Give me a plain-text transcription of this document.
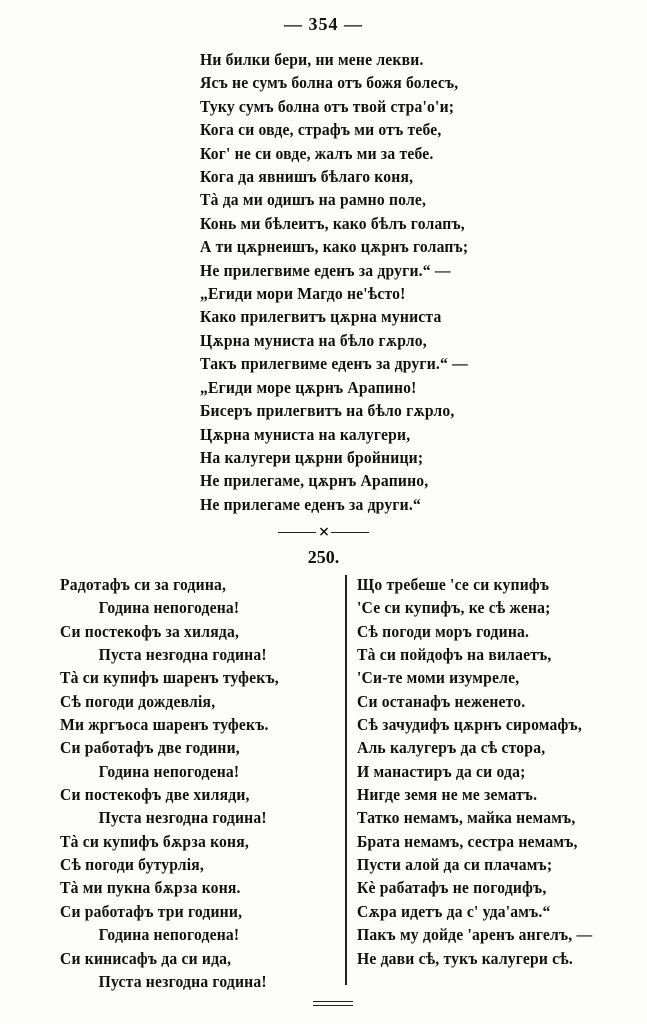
— 354 —
Ни билки бери, ни мене лекви.
Ясъ не сумъ болна отъ божя болесъ,
Туку сумъ болна отъ твой стра'о'и;
Кога си овде, страфъ ми отъ тебе,
Ког' не си овде, жалъ ми за тебе.
Кога да явнишъ бѣлаго коня,
Тà да ми одишъ на рамно поле,
Конь ми бѣлеитъ, како бѣлъ голапъ,
А ти цѫрнеишъ, како цѫрнъ голапъ;
Не прилегвиме еденъ за други.“ —
„Егиди мори Магдо не'ѣсто!
Како прилегвитъ цѫрна муниста
Цѫрна муниста на бѣло гѫрло,
Такъ прилегвиме еденъ за други.“ —
„Егиди море цѫрнъ Арапино!
Бисеръ прилегвитъ на бѣло гѫрло,
Цѫрна муниста на калугери,
На калугери цѫрни бройници;
Не прилегаме, цѫрнъ Арапино,
Не прилегаме еденъ за други.“
⨯
250.
Радотафъ си за година,
Година непогодена!
Си постекофъ за хиляда,
Пуста незгодна година!
Тà си купифъ шаренъ туфекъ,
Сѣ погоди дождевлія,
Ми жргъоса шаренъ туфекъ.
Си работафъ две години,
Година непогодена!
Си постекофъ две хиляди,
Пуста незгодна година!
Тà си купифъ бѫрза коня,
Сѣ погоди бутурлія,
Тà ми пукна бѫрза коня.
Си работафъ три години,
Година непогодена!
Си кинисафъ да си ида,
Пуста незгодна година!
Що требеше 'се си купифъ
'Се си купифъ, ке сѣ жена;
Сѣ погоди моръ година.
Тà си пойдофъ на вилаетъ,
'Си-те моми изумреле,
Си останафъ неженето.
Сѣ зачудифъ цѫрнъ сиромафъ,
Аль калугеръ да сѣ стора,
И манастиръ да си ода;
Нигде земя не ме зематъ.
Татко немамъ, майка немамъ,
Брата немамъ, сестра немамъ,
Пусти алой да си плачамъ;
Кè рабатафъ не погодифъ,
Сѫра идетъ да с' уда'амъ.“
Пакъ му дойде 'аренъ ангелъ, —
Не дави сѣ, тукъ калугери сѣ.
